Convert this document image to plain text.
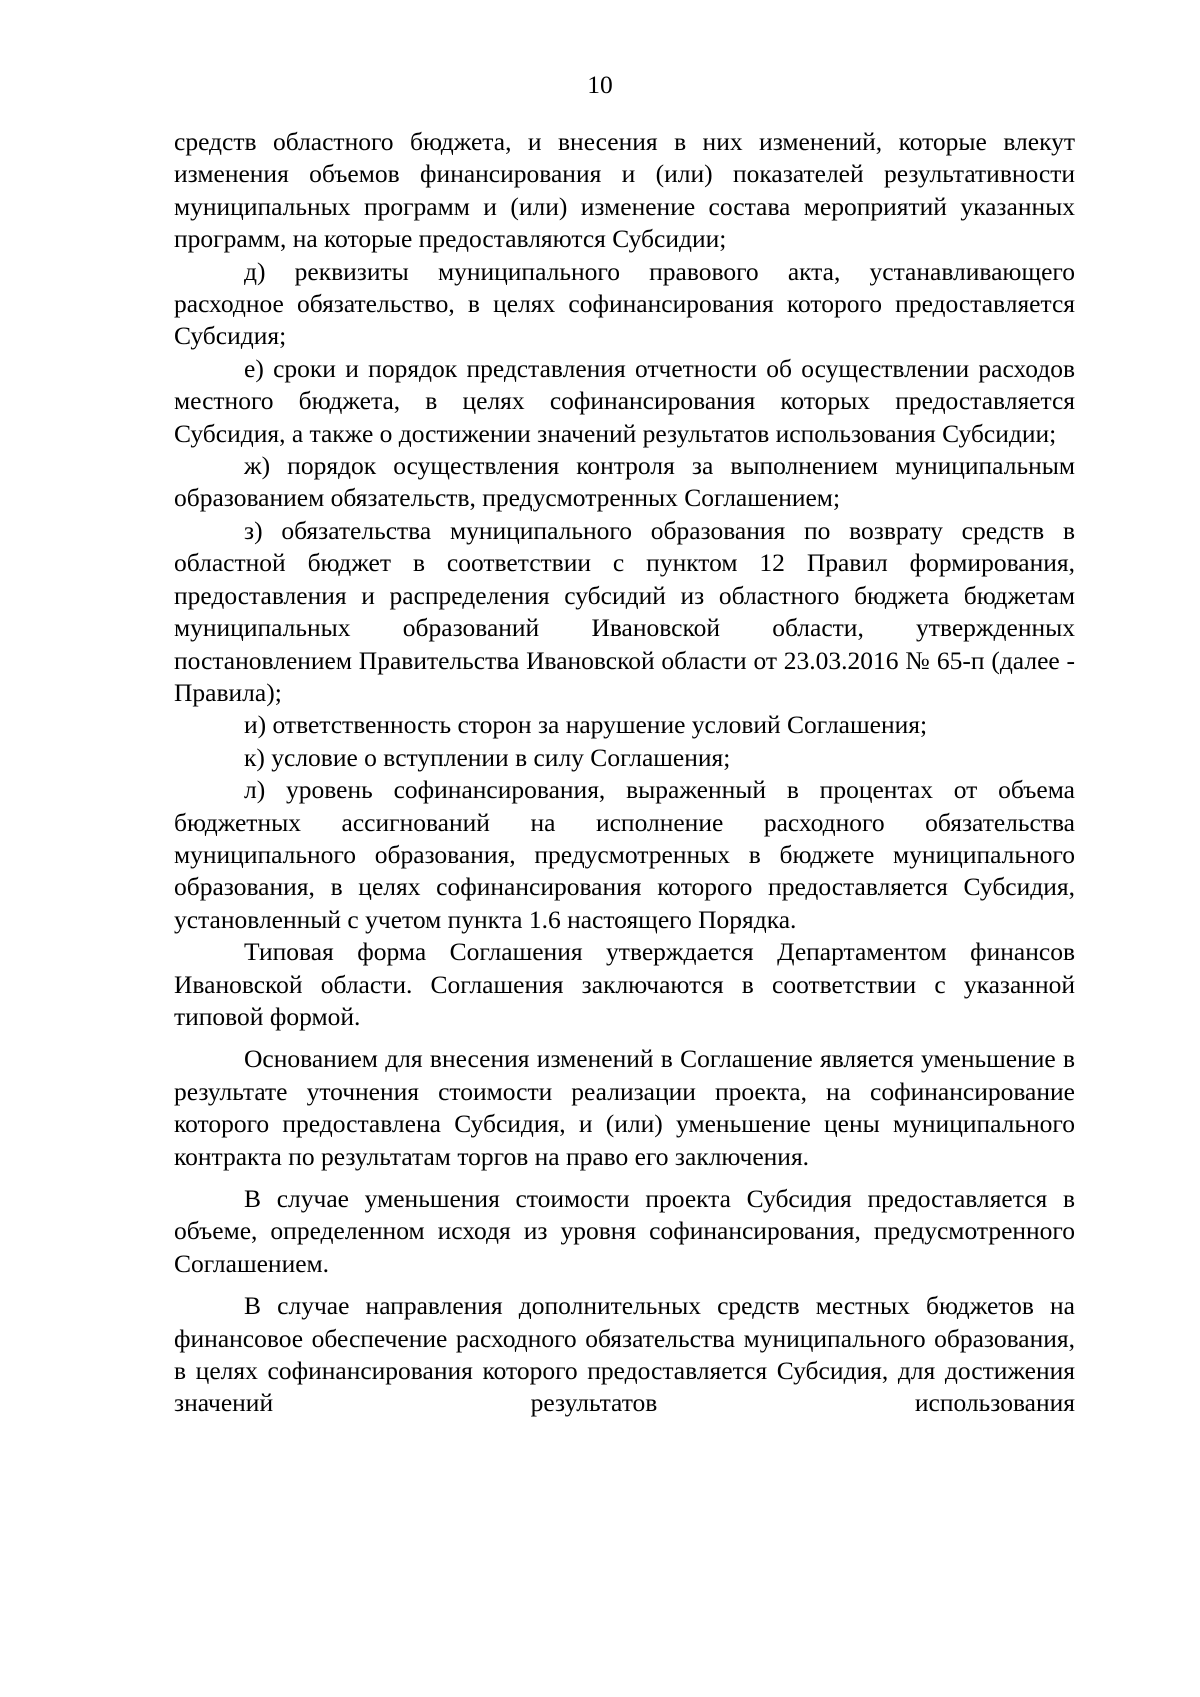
10

средств областного бюджета, и внесения в них изменений, которые влекут изменения объемов финансирования и (или) показателей результативности муниципальных программ и (или) изменение состава мероприятий указанных программ, на которые предоставляются Субсидии;

д) реквизиты муниципального правового акта, устанавливающего расходное обязательство, в целях софинансирования которого предоставляется Субсидия;

е) сроки и порядок представления отчетности об осуществлении расходов местного бюджета, в целях софинансирования которых предоставляется Субсидия, а также о достижении значений результатов использования Субсидии;

ж) порядок осуществления контроля за выполнением муниципальным образованием обязательств, предусмотренных Соглашением;

з) обязательства муниципального образования по возврату средств в областной бюджет в соответствии с пунктом 12 Правил формирования, предоставления и распределения субсидий из областного бюджета бюджетам муниципальных образований Ивановской области, утвержденных постановлением Правительства Ивановской области от 23.03.2016 № 65-п (далее - Правила);

и) ответственность сторон за нарушение условий Соглашения;

к) условие о вступлении в силу Соглашения;

л) уровень софинансирования, выраженный в процентах от объема бюджетных ассигнований на исполнение расходного обязательства муниципального образования, предусмотренных в бюджете муниципального образования, в целях софинансирования которого предоставляется Субсидия, установленный с учетом пункта 1.6 настоящего Порядка.

Типовая форма Соглашения утверждается Департаментом финансов Ивановской области. Соглашения заключаются в соответствии с указанной типовой формой.

Основанием для внесения изменений в Соглашение является уменьшение в результате уточнения стоимости реализации проекта, на софинансирование которого предоставлена Субсидия, и (или) уменьшение цены муниципального контракта по результатам торгов на право его заключения.

В случае уменьшения стоимости проекта Субсидия предоставляется в объеме, определенном исходя из уровня софинансирования, предусмотренного Соглашением.

В случае направления дополнительных средств местных бюджетов на финансовое обеспечение расходного обязательства муниципального образования, в целях софинансирования которого предоставляется Субсидия, для достижения значений результатов использования
